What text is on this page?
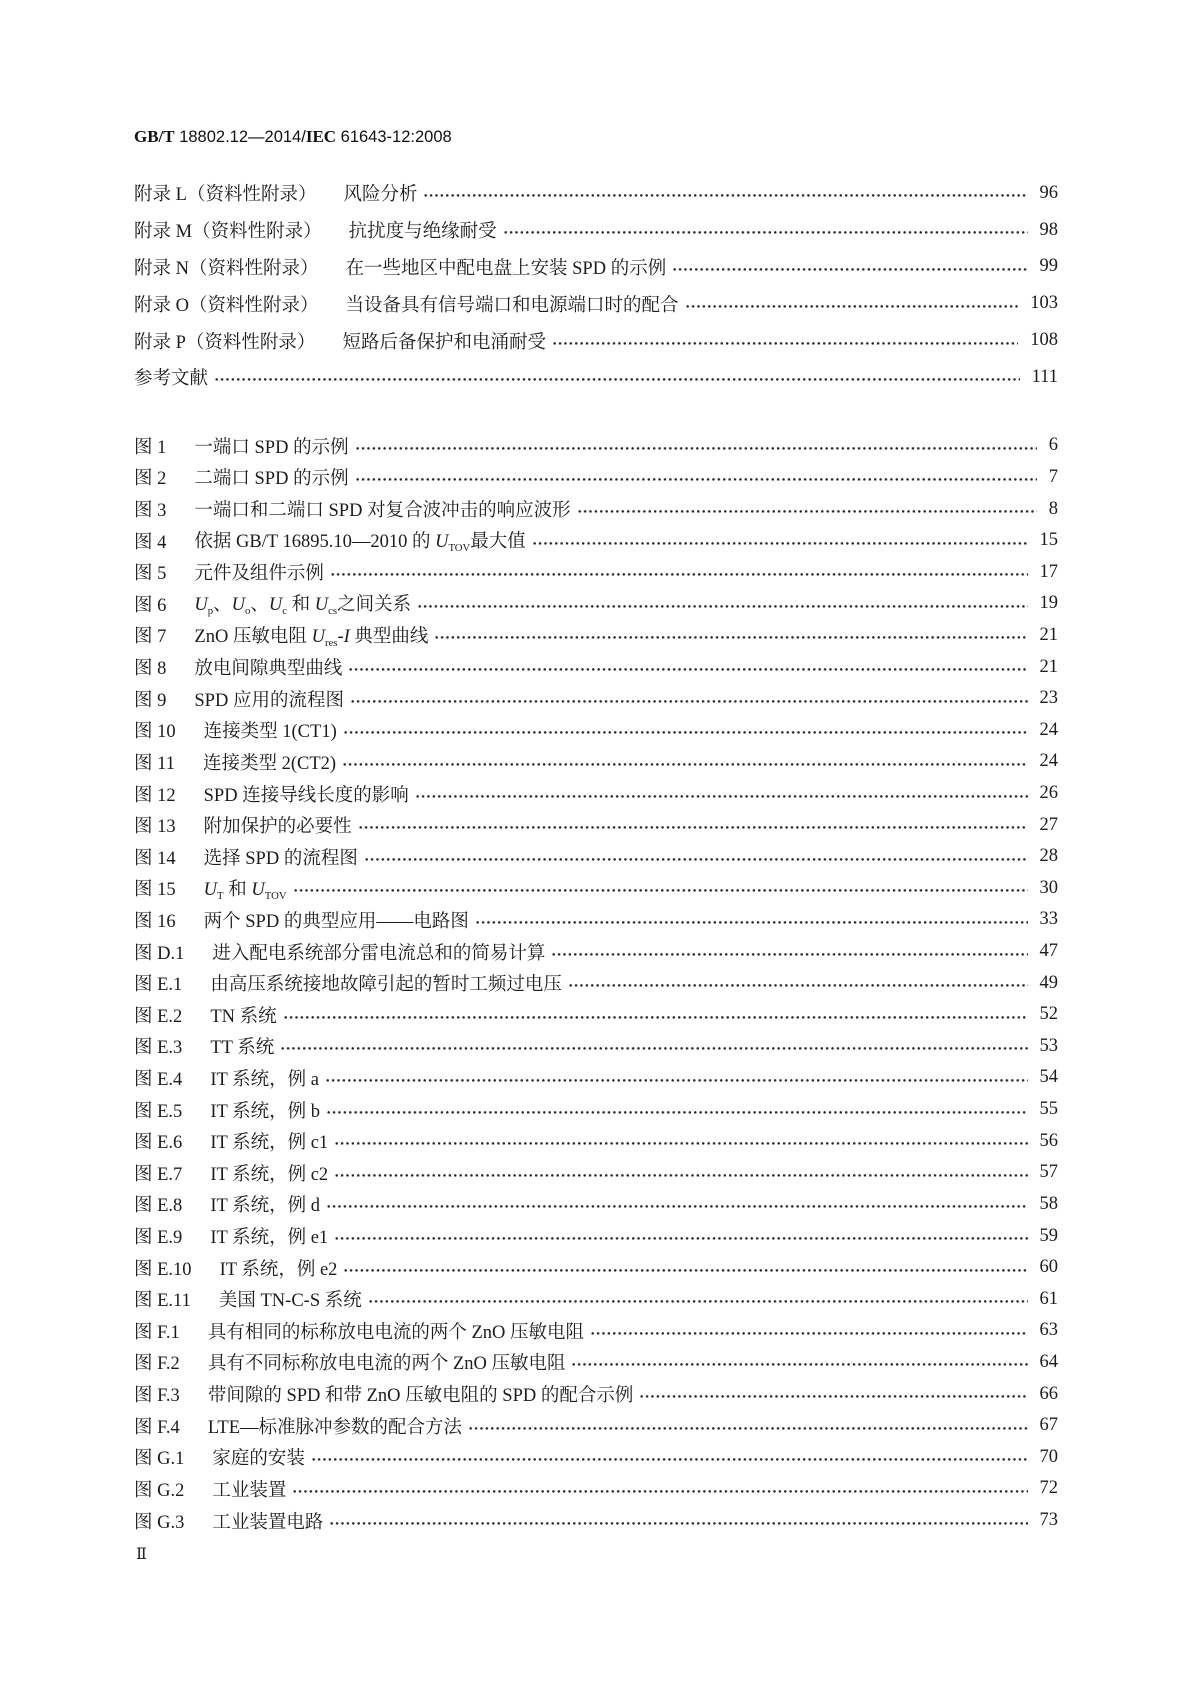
GB/T 18802.12—2014/IEC 61643-12:2008
附录 L （资料性附录） 风险分析	96
附录 M （资料性附录） 抗扰度与绝缘耐受	98
附录 N （资料性附录） 在一些地区中配电盘上安装 SPD 的示例	99
附录 O （资料性附录） 当设备具有信号端口和电源端口时的配合	103
附录 P （资料性附录） 短路后备保护和电涌耐受	108
参考文献	111
图 1 一端口 SPD 的示例	6
图 2 二端口 SPD 的示例	7
图 3 一端口和二端口 SPD 对复合波冲击的响应波形	8
图 4 依据 GB/T 16895.10—2010 的 $U_{TOV}$最大值	15
图 5 元件及组件示例	17
图 6 $U_p$、$U_o$、$U_c$ 和 $U_{cs}$之间关系	19
图 7 ZnO 压敏电阻 $U_{res}-I$ 典型曲线	21
图 8 放电间隙典型曲线	21
图 9 SPD 应用的流程图	23
图 10 连接类型 1(CT1)	24
图 11 连接类型 2(CT2)	24
图 12 SPD 连接导线长度的影响	26
图 13 附加保护的必要性	27
图 14 选择 SPD 的流程图	28
图 15 $U_T$ 和 $U_{TOV}$	30
图 16 两个 SPD 的典型应用——电路图	33
图 D.1 进入配电系统部分雷电流总和的简易计算	47
图 E.1 由高压系统接地故障引起的暂时工频过电压	49
图 E.2 TN 系统	52
图 E.3 TT 系统	53
图 E.4 IT 系统，例 a	54
图 E.5 IT 系统，例 b	55
图 E.6 IT 系统，例 c1	56
图 E.7 IT 系统，例 c2	57
图 E.8 IT 系统，例 d	58
图 E.9 IT 系统，例 e1	59
图 E.10 IT 系统，例 e2	60
图 E.11 美国 TN-C-S 系统	61
图 F.1 具有相同的标称放电电流的两个 ZnO 压敏电阻	63
图 F.2 具有不同标称放电电流的两个 ZnO 压敏电阻	64
图 F.3 带间隙的 SPD 和带 ZnO 压敏电阻的 SPD 的配合示例	66
图 F.4 LTE—标准脉冲参数的配合方法	67
图 G.1 家庭的安装	70
图 G.2 工业装置	72
图 G.3 工业装置电路	73
Ⅱ
